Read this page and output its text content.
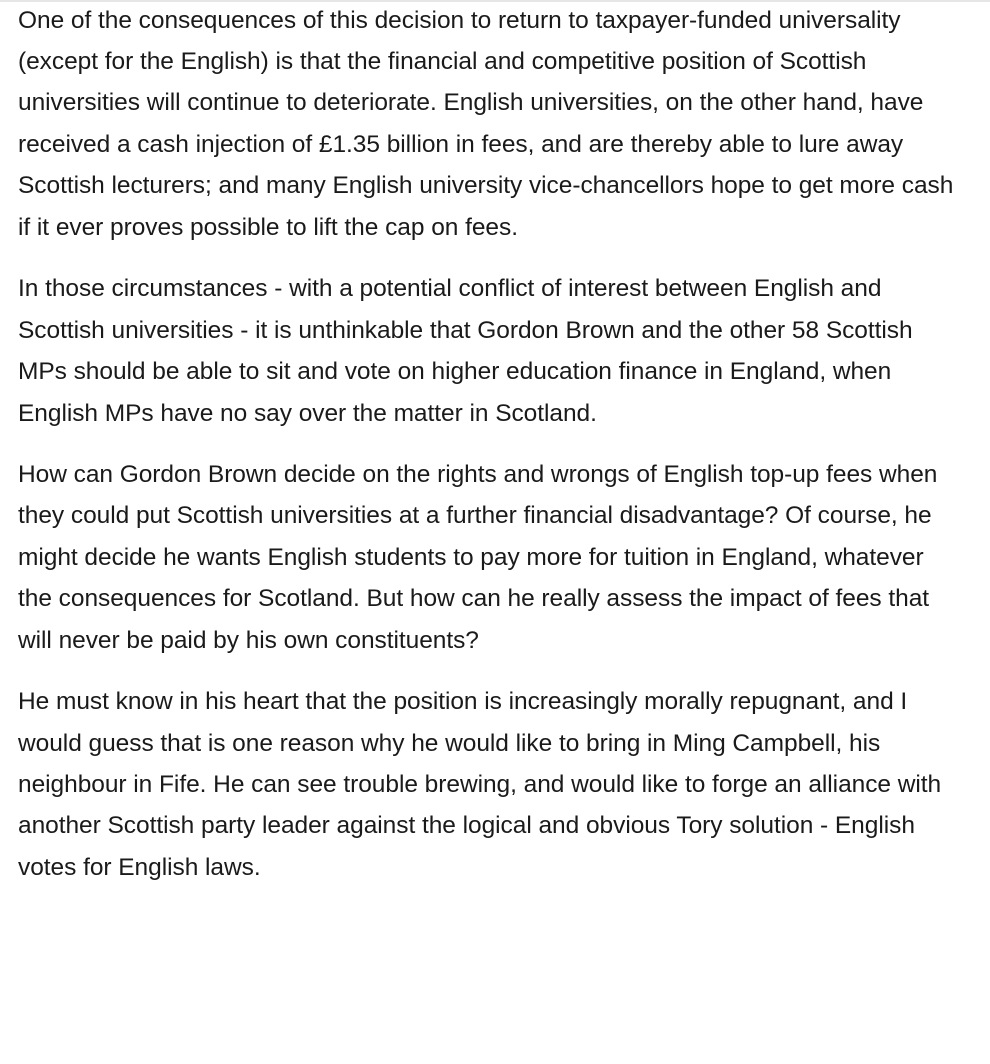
One of the consequences of this decision to return to taxpayer-funded universality (except for the English) is that the financial and competitive position of Scottish universities will continue to deteriorate. English universities, on the other hand, have received a cash injection of £1.35 billion in fees, and are thereby able to lure away Scottish lecturers; and many English university vice-chancellors hope to get more cash if it ever proves possible to lift the cap on fees.

In those circumstances - with a potential conflict of interest between English and Scottish universities - it is unthinkable that Gordon Brown and the other 58 Scottish MPs should be able to sit and vote on higher education finance in England, when English MPs have no say over the matter in Scotland.

How can Gordon Brown decide on the rights and wrongs of English top-up fees when they could put Scottish universities at a further financial disadvantage? Of course, he might decide he wants English students to pay more for tuition in England, whatever the consequences for Scotland. But how can he really assess the impact of fees that will never be paid by his own constituents?

He must know in his heart that the position is increasingly morally repugnant, and I would guess that is one reason why he would like to bring in Ming Campbell, his neighbour in Fife. He can see trouble brewing, and would like to forge an alliance with another Scottish party leader against the logical and obvious Tory solution - English votes for English laws.
